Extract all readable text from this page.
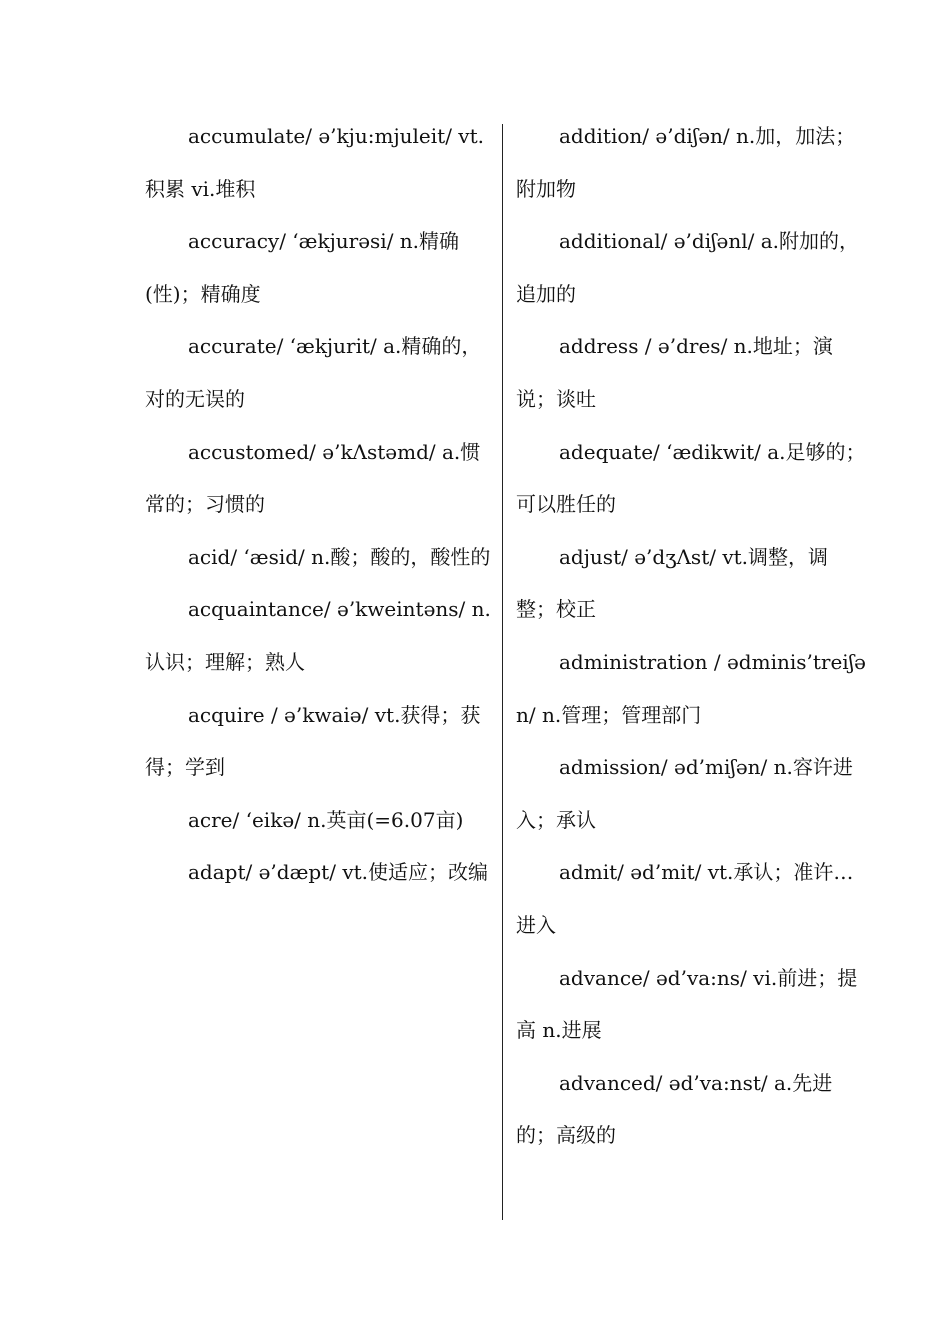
accumulate/ ə’kju:mjuleit/ vt.积累 vi.堆积

accuracy/ ‘ækjurəsi/ n.精确(性)；精确度

accurate/ ‘ækjurit/ a.精确的，对的无误的

accustomed/ ə’kΛstəmd/ a.惯常的；习惯的

acid/ ‘æsid/ n.酸；酸的，酸性的

acquaintance/ ə’kweintəns/ n.认识；理解；熟人

acquire / ə’kwaiə/ vt.获得；获得；学到

acre/ ‘eikə/ n.英亩(=6.07亩)

adapt/ ə’dæpt/ vt.使适应；改编

addition/ ə’diʃən/ n.加，加法；附加物

additional/ ə’diʃənl/ a.附加的，追加的

address / ə’dres/ n.地址；演说；谈吐

adequate/ ‘ædikwit/ a.足够的；可以胜任的

adjust/ ə’dʒΛst/ vt.调整，调整；校正

administration / ədminis’treiʃən/ n.管理；管理部门

admission/ əd’miʃən/ n.容许进入；承认

admit/ əd’mit/ vt.承认；准许…进入

advance/ əd’va:ns/ vi.前进；提高 n.进展

advanced/ əd’va:nst/ a.先进的；高级的
